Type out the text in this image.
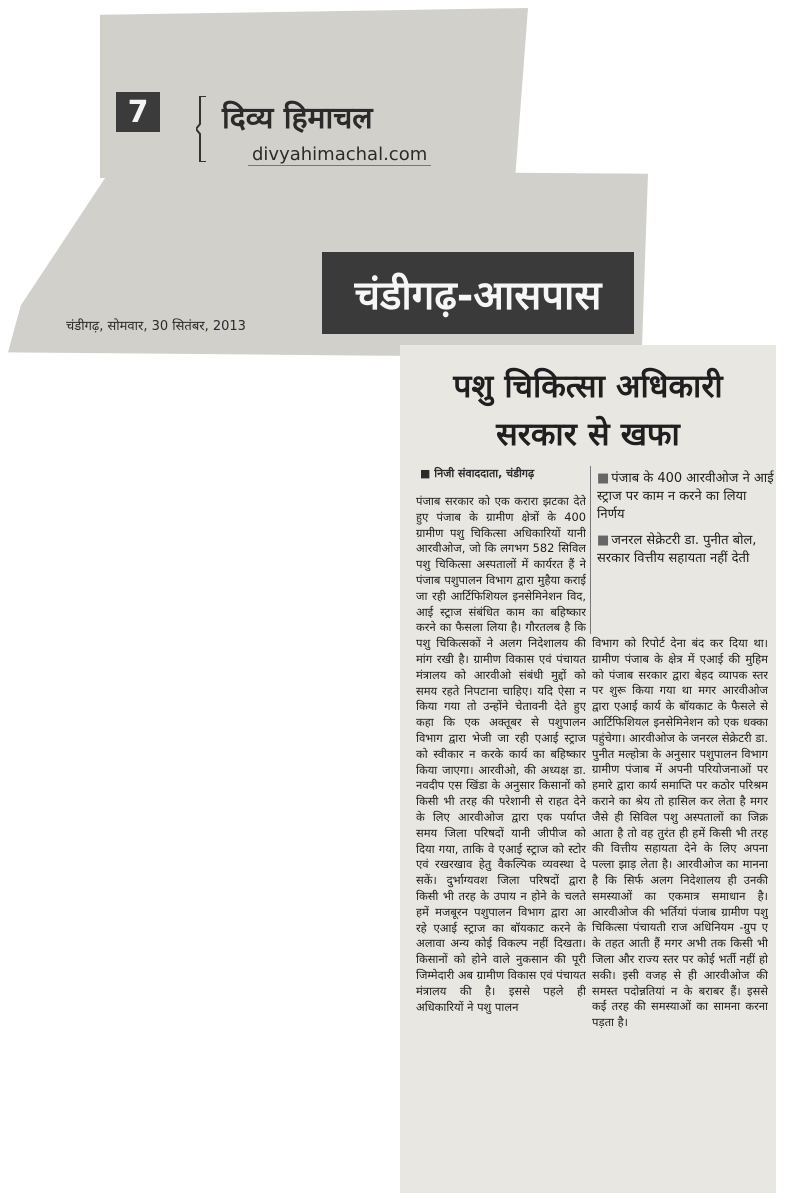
7	दिव्य हिमाचल
divyahimachal.com
चंडीगढ़-आसपास
चंडीगढ़, सोमवार, 30 सितंबर, 2013
पशु चिकित्सा अधिकारी
सरकार से खफा
■ निजी संवाददाता, चंडीगढ़

पंजाब सरकार को एक करारा झटका देते हुए पंजाब के ग्रामीण क्षेत्रों के 400 ग्रामीण पशु चिकित्सा अधिकारियों यानी आरवीओज, जो कि लगभग 582 सिविल पशु चिकित्सा अस्पतालों में कार्यरत हैं ने पंजाब पशुपालन विभाग द्वारा मुहैया कराई जा रही आर्टिफिशियल इनसेमिनेशन विद, आई स्ट्राज संबंधित काम का बहिष्कार करने का फैसला लिया है। गौरतलब है कि पशु चिकित्सकों ने अलग निदेशालय की मांग रखी है। ग्रामीण विकास एवं पंचायत मंत्रालय को आरवीओ संबंधी मुद्दों को समय रहते निपटाना चाहिए। यदि ऐसा न किया गया तो उन्होंने चेतावनी देते हुए कहा कि एक अक्तूबर से पशुपालन विभाग द्वारा भेजी जा रही एआई स्ट्राज को स्वीकार न करके कार्य का बहिष्कार किया जाएगा। आरवीओ, की अध्यक्ष डा. नवदीप एस खिंडा के अनुसार किसानों को किसी भी तरह की परेशानी से राहत देने के लिए आरवीओज द्वारा एक पर्याप्त समय जिला परिषदों यानी जीपीज को दिया गया, ताकि वे एआई स्ट्राज को स्टोर एवं रखरखाव हेतु वैकल्पिक व्यवस्था दे सकें। दुर्भाग्यवश जिला परिषदों द्वारा किसी भी तरह के उपाय न होने के चलते हमें मजबूरन पशुपालन विभाग द्वारा आ रहे एआई स्ट्राज का बॉयकाट करने के अलावा अन्य कोई विकल्प नहीं दिखता। किसानों को होने वाले नुकसान की पूरी जिम्मेदारी अब ग्रामीण विकास एवं पंचायत मंत्रालय की है। इससे पहले ही अधिकारियों ने पशु पालन

■ पंजाब के 400 आरवीओज ने आई स्ट्राज पर काम न करने का लिया निर्णय
■ जनरल सेक्रेटरी डा. पुनीत बोल, सरकार वित्तीय सहायता नहीं देती

विभाग को रिपोर्ट देना बंद कर दिया था। ग्रामीण पंजाब के क्षेत्र में एआई की मुहिम को पंजाब सरकार द्वारा बेहद व्यापक स्तर पर शुरू किया गया था मगर आरवीओज द्वारा एआई कार्य के बॉयकाट के फैसले से आर्टिफिशियल इनसेमिनेशन को एक धक्का पहुंचेगा। आरवीओज के जनरल सेक्रेटरी डा. पुनीत मल्होत्रा के अनुसार पशुपालन विभाग ग्रामीण पंजाब में अपनी परियोजनाओं पर हमारे द्वारा कार्य समाप्ति पर कठोर परिश्रम कराने का श्रेय तो हासिल कर लेता है मगर जैसे ही सिविल पशु अस्पतालों का जिक्र आता है तो वह तुरंत ही हमें किसी भी तरह की वित्तीय सहायता देने के लिए अपना पल्ला झाड़ लेता है। आरवीओज का मानना है कि सिर्फ अलग निदेशालय ही उनकी समस्याओं का एकमात्र समाधान है। आरवीओज की भर्तियां पंजाब ग्रामीण पशु चिकित्सा पंचायती राज अधिनियम -ग्रुप ए के तहत आती हैं मगर अभी तक किसी भी जिला और राज्य स्तर पर कोई भर्ती नहीं हो सकी। इसी वजह से ही आरवीओज की समस्त पदोन्नतियां न के बराबर हैं। इससे कई तरह की समस्याओं का सामना करना पड़ता है।
